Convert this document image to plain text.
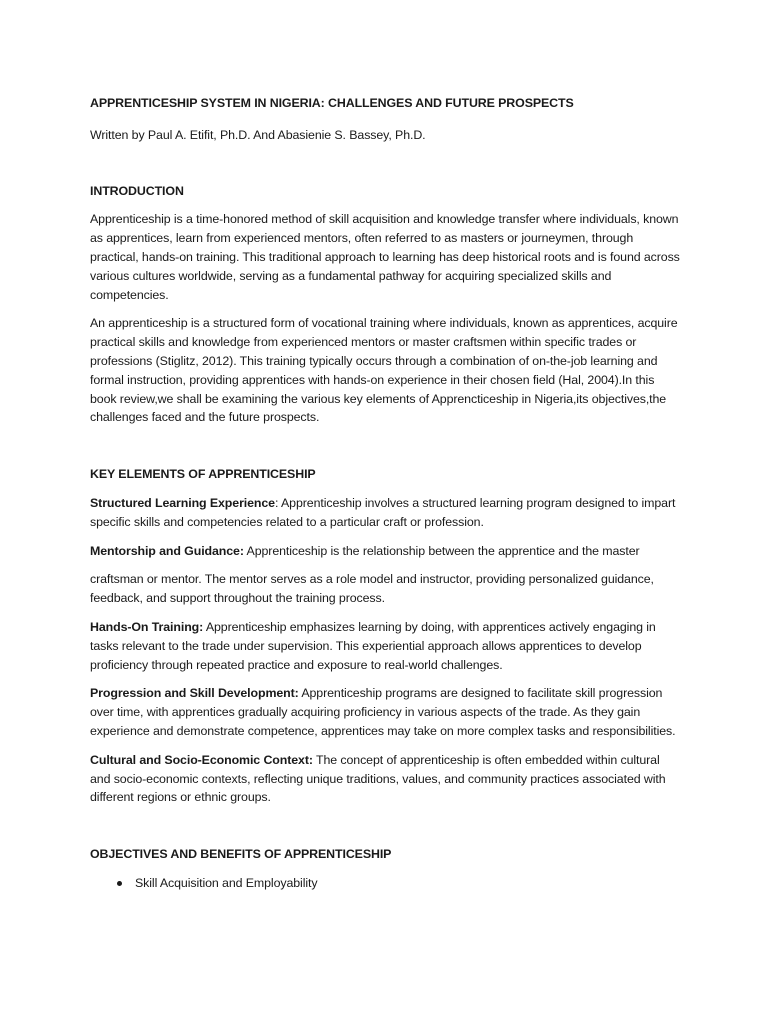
APPRENTICESHIP SYSTEM IN NIGERIA: CHALLENGES AND FUTURE PROSPECTS

Written by Paul A. Etifit, Ph.D. And Abasienie S. Bassey, Ph.D.

INTRODUCTION

Apprenticeship is a time-honored method of skill acquisition and knowledge transfer where individuals, known as apprentices, learn from experienced mentors, often referred to as masters or journeymen, through practical, hands-on training. This traditional approach to learning has deep historical roots and is found across various cultures worldwide, serving as a fundamental pathway for acquiring specialized skills and competencies.

An apprenticeship is a structured form of vocational training where individuals, known as apprentices, acquire practical skills and knowledge from experienced mentors or master craftsmen within specific trades or professions (Stiglitz, 2012). This training typically occurs through a combination of on-the-job learning and formal instruction, providing apprentices with hands-on experience in their chosen field (Hal, 2004).In this book review,we shall be examining the various key elements of Apprencticeship in Nigeria,its objectives,the challenges faced and the future prospects.

KEY ELEMENTS OF APPRENTICESHIP

Structured Learning Experience: Apprenticeship involves a structured learning program designed to impart specific skills and competencies related to a particular craft or profession.

Mentorship and Guidance: Apprenticeship is the relationship between the apprentice and the master

craftsman or mentor. The mentor serves as a role model and instructor, providing personalized guidance, feedback, and support throughout the training process.

Hands-On Training: Apprenticeship emphasizes learning by doing, with apprentices actively engaging in tasks relevant to the trade under supervision. This experiential approach allows apprentices to develop proficiency through repeated practice and exposure to real-world challenges.

Progression and Skill Development: Apprenticeship programs are designed to facilitate skill progression over time, with apprentices gradually acquiring proficiency in various aspects of the trade. As they gain experience and demonstrate competence, apprentices may take on more complex tasks and responsibilities.

Cultural and Socio-Economic Context: The concept of apprenticeship is often embedded within cultural and socio-economic contexts, reflecting unique traditions, values, and community practices associated with different regions or ethnic groups.

OBJECTIVES AND BENEFITS OF APPRENTICESHIP

Skill Acquisition and Employability
